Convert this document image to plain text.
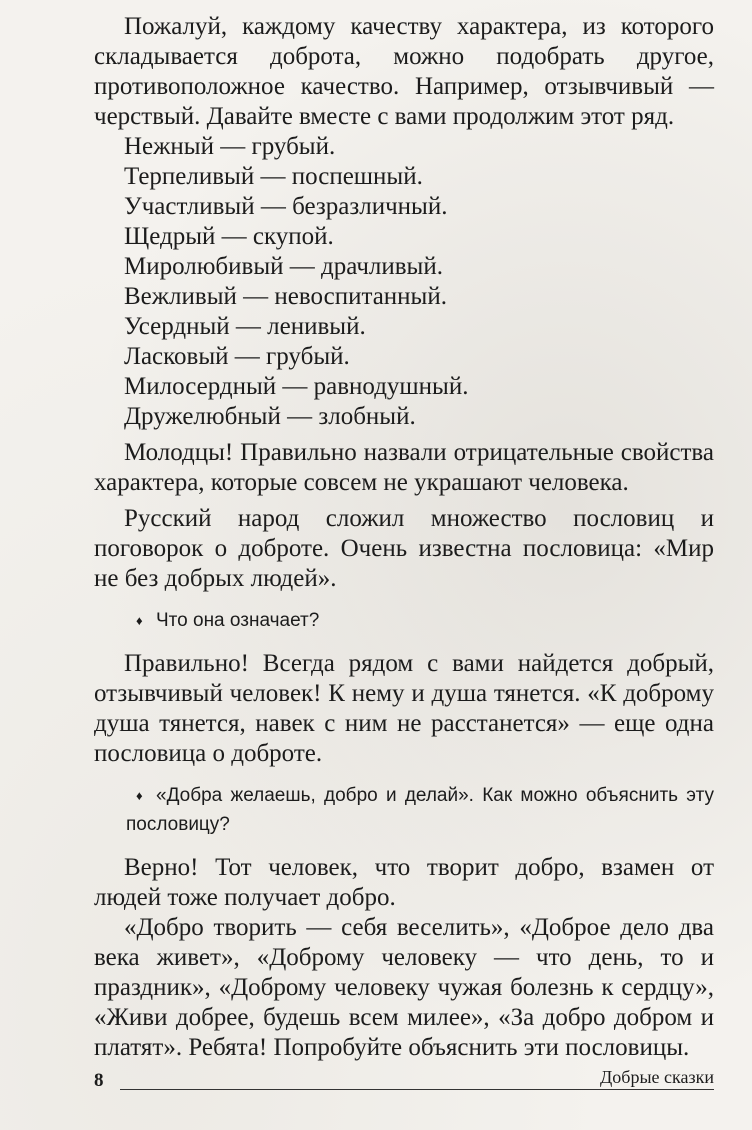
Пожалуй, каждому качеству характера, из которого складывается доброта, можно подобрать другое, противоположное качество. Например, отзывчивый — черствый. Давайте вместе с вами продолжим этот ряд.

Нежный — грубый.
Терпеливый — поспешный.
Участливый — безразличный.
Щедрый — скупой.
Миролюбивый — драчливый.
Вежливый — невоспитанный.
Усердный — ленивый.
Ласковый — грубый.
Милосердный — равнодушный.
Дружелюбный — злобный.

Молодцы! Правильно назвали отрицательные свойства характера, которые совсем не украшают человека.

Русский народ сложил множество пословиц и поговорок о доброте. Очень известна пословица: «Мир не без добрых людей».

♦ Что она означает?

Правильно! Всегда рядом с вами найдется добрый, отзывчивый человек! К нему и душа тянется. «К доброму душа тянется, навек с ним не расстанется» — еще одна пословица о доброте.

♦ «Добра желаешь, добро и делай». Как можно объяснить эту пословицу?

Верно! Тот человек, что творит добро, взамен от людей тоже получает добро.

«Добро творить — себя веселить», «Доброе дело два века живет», «Доброму человеку — что день, то и праздник», «Доброму человеку чужая болезнь к сердцу», «Живи добрее, будешь всем милее», «За добро добром и платят». Ребята! Попробуйте объяснить эти пословицы.

8	Добрые сказки
